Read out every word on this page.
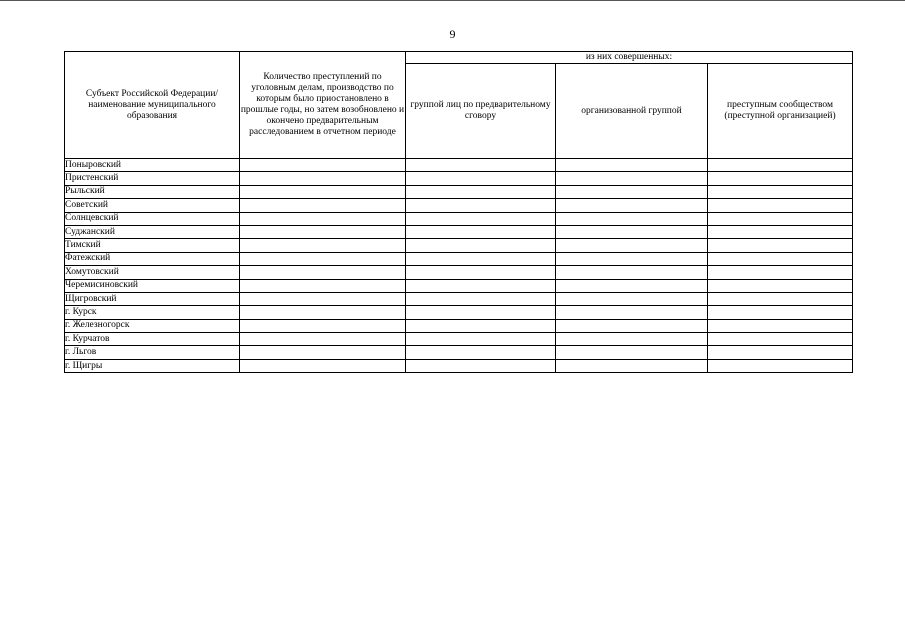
9
Субъект Российской Федерации/ наименование муниципального образования	Количество преступлений по уголовным делам, производство по которым было приостановлено в прошлые годы, но затем возобновлено и окончено предварительным расследованием в отчетном периоде	из них совершенных:		
		группой лиц по предварительному сговору	организованной группой	преступным сообществом (преступной организацией)
Поныровский				
Пристенский				
Рыльский				
Советский				
Солнцевский				
Суджанский				
Тимский				
Фатежский				
Хомутовский				
Черемисиновский				
Щигровский				
г. Курск				
г. Железногорск				
г. Курчатов				
г. Льгов				
г. Щигры				
